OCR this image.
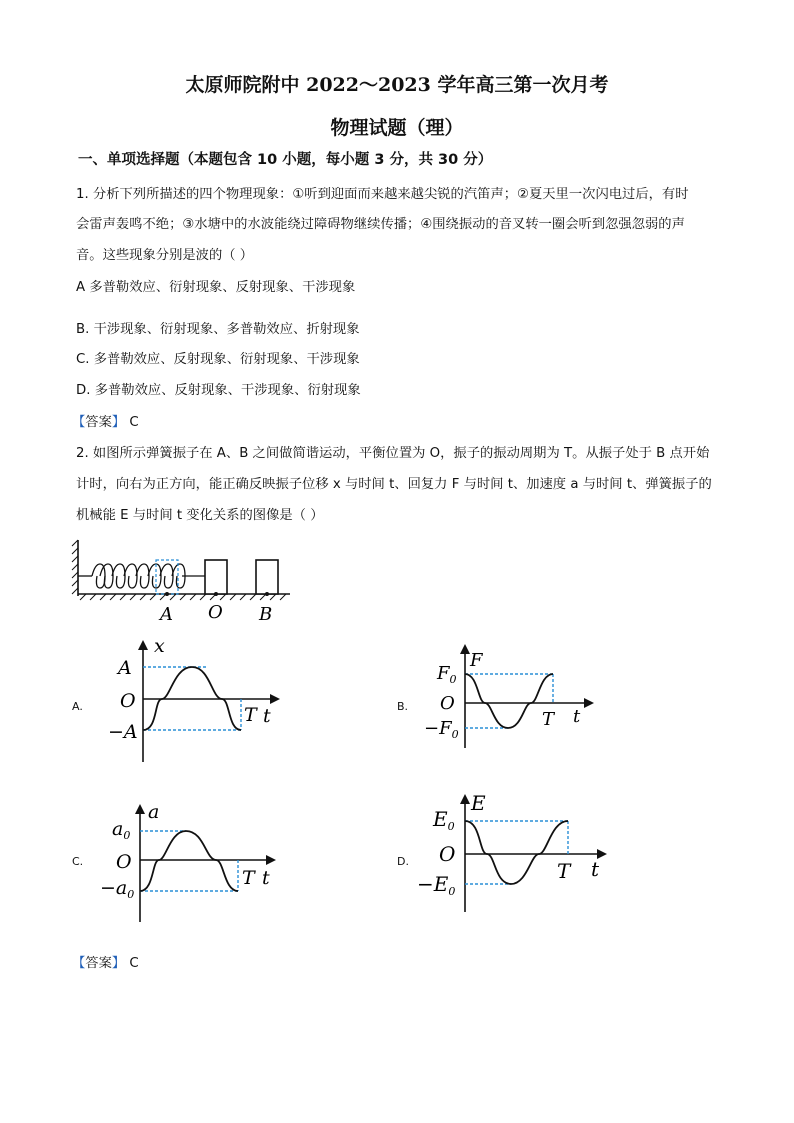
太原师院附中 2022～2023 学年高三第一次月考
物理试题（理）
一、单项选择题（本题包含 10 小题，每小题 3 分，共 30 分）
1. 分析下列所描述的四个物理现象：①听到迎面而来越来越尖锐的汽笛声；②夏天里一次闪电过后，有时
会雷声轰鸣不绝；③水塘中的水波能绕过障碍物继续传播；④围绕振动的音叉转一圈会听到忽强忽弱的声
音。这些现象分别是波的（ ）
A 多普勒效应、衍射现象、反射现象、干涉现象
B. 干涉现象、衍射现象、多普勒效应、折射现象
C. 多普勒效应、反射现象、衍射现象、干涉现象
D. 多普勒效应、反射现象、干涉现象、衍射现象
【答案】 C
2. 如图所示弹簧振子在 A、B 之间做简谐运动，平衡位置为 O，振子的振动周期为 T。从振子处于 B 点开始
计时，向右为正方向，能正确反映振子位移 x 与时间 t、回复力 F 与时间 t、加速度 a 与时间 t、弹簧振子的
机械能 E 与时间 t 变化关系的图像是（ ）
A O B
A.
x
A
O
−A
T t	B.
F
$F_0$
O
$-F_0$
T t
C.
a
$a_0$
O
$-a_0$
T t
D.
E
$E_0$
O
$-E_0$
T t
【答案】 C
